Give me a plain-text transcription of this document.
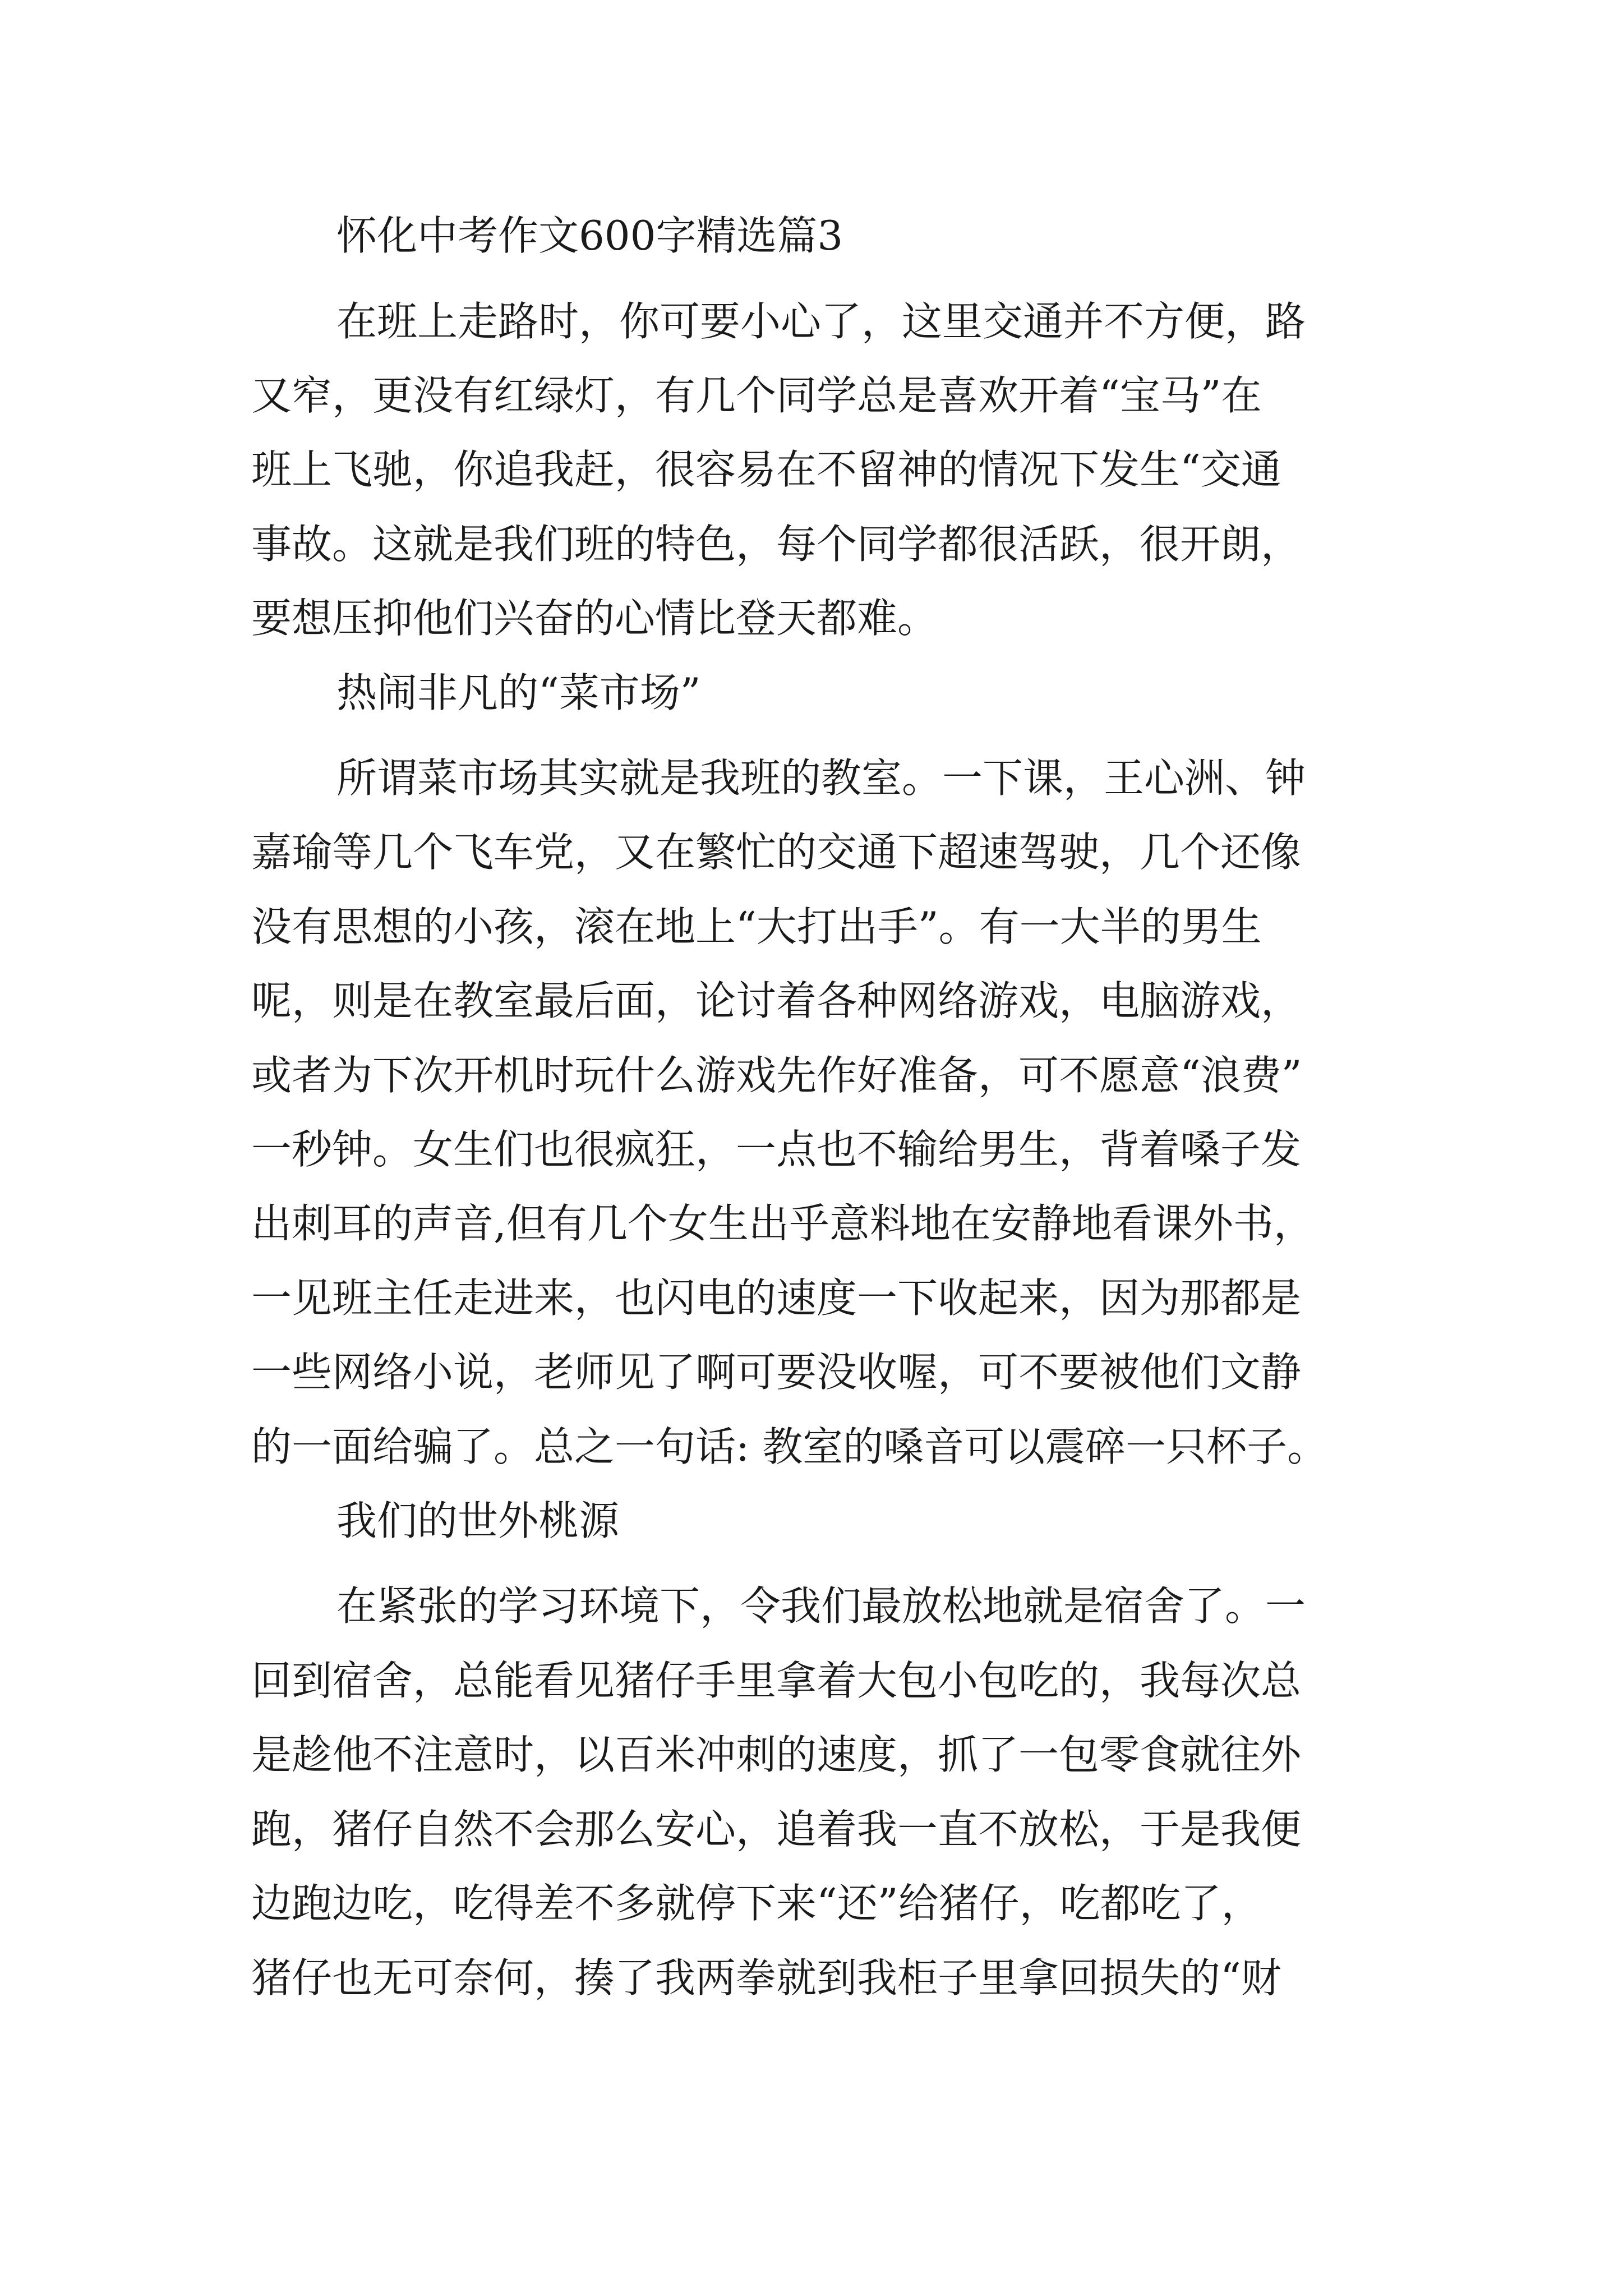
怀化中考作文600字精选篇3

在班上走路时，你可要小心了，这里交通并不方便，路

又窄，更没有红绿灯，有几个同学总是喜欢开着“宝马”在

班上飞驰，你追我赶，很容易在不留神的情况下发生“交通

事故。这就是我们班的特色，每个同学都很活跃，很开朗，

要想压抑他们兴奋的心情比登天都难。

热闹非凡的“菜市场”

所谓菜市场其实就是我班的教室。一下课，王心洲、钟

嘉瑜等几个飞车党，又在繁忙的交通下超速驾驶，几个还像

没有思想的小孩，滚在地上“大打出手”。有一大半的男生

呢，则是在教室最后面，论讨着各种网络游戏，电脑游戏，

或者为下次开机时玩什么游戏先作好准备，可不愿意“浪费”

一秒钟。女生们也很疯狂，一点也不输给男生，背着嗓子发

出刺耳的声音,但有几个女生出乎意料地在安静地看课外书，

一见班主任走进来，也闪电的速度一下收起来，因为那都是

一些网络小说，老师见了啊可要没收喔，可不要被他们文静

的一面给骗了。总之一句话: 教室的嗓音可以震碎一只杯子。

我们的世外桃源

在紧张的学习环境下，令我们最放松地就是宿舍了。一

回到宿舍，总能看见猪仔手里拿着大包小包吃的，我每次总

是趁他不注意时，以百米冲刺的速度，抓了一包零食就往外

跑，猪仔自然不会那么安心，追着我一直不放松，于是我便

边跑边吃，吃得差不多就停下来“还”给猪仔，吃都吃了，

猪仔也无可奈何，揍了我两拳就到我柜子里拿回损失的“财
